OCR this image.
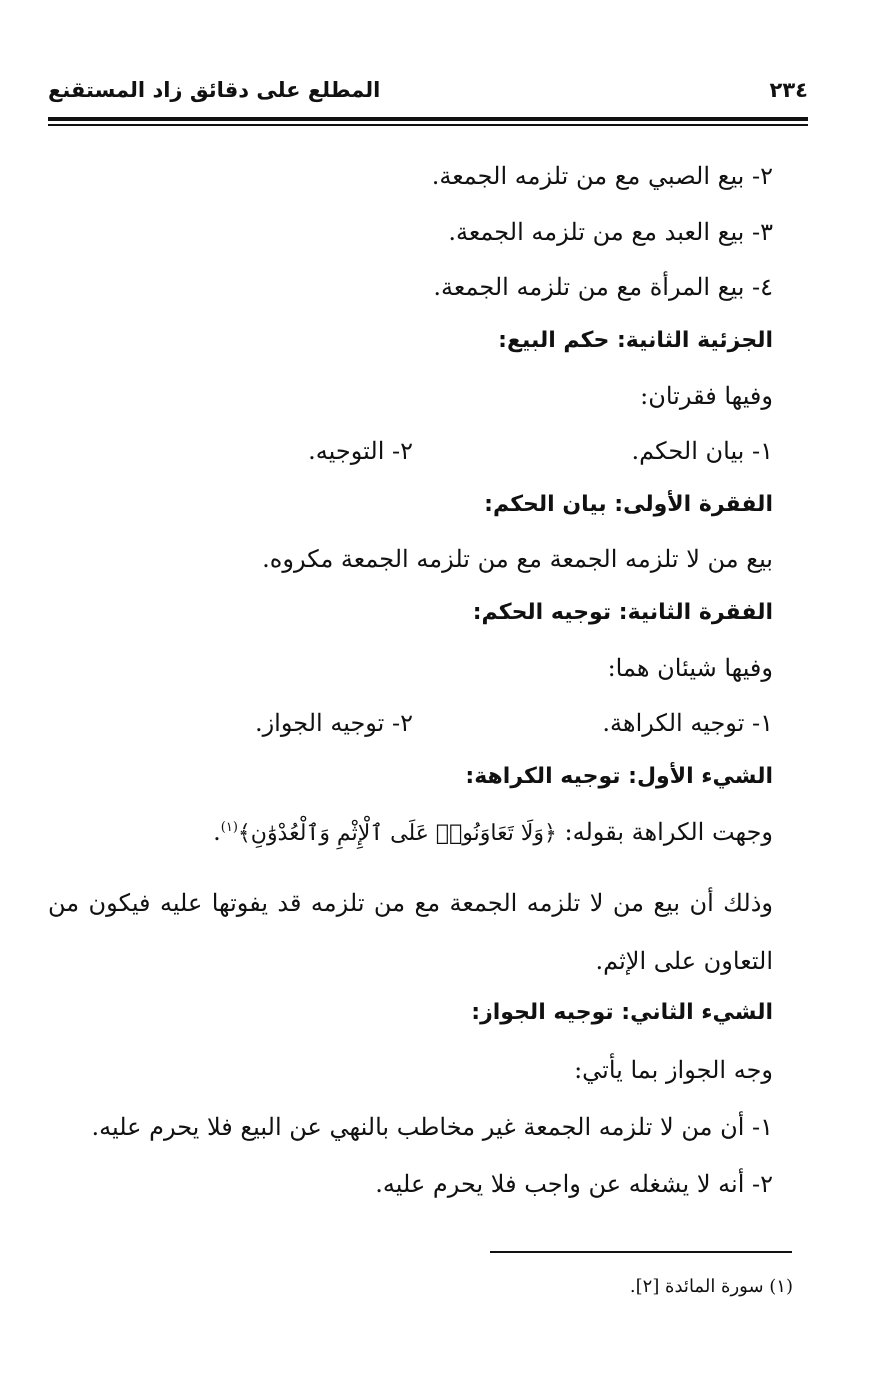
٢٣٤
المطلع على دقائق زاد المستقنع
٢- بيع الصبي مع من تلزمه الجمعة.
٣- بيع العبد مع من تلزمه الجمعة.
٤- بيع المرأة مع من تلزمه الجمعة.
الجزئية الثانية: حكم البيع:
وفيها فقرتان:
١- بيان الحكم.
٢- التوجيه.
الفقرة الأولى: بيان الحكم:
بيع من لا تلزمه الجمعة مع من تلزمه الجمعة مكروه.
الفقرة الثانية: توجيه الحكم:
وفيها شيئان هما:
١- توجيه الكراهة.
٢- توجيه الجواز.
الشيء الأول: توجيه الكراهة:
وجهت الكراهة بقوله: ﴿وَلَا تَعَاوَنُوا۟ عَلَى ٱلْإِثْمِ وَٱلْعُدْوَٰنِ﴾$^{(١)}$.
وذلك أن بيع من لا تلزمه الجمعة مع من تلزمه قد يفوتها عليه فيكون من التعاون على الإثم.
الشيء الثاني: توجيه الجواز:
وجه الجواز بما يأتي:
١- أن من لا تلزمه الجمعة غير مخاطب بالنهي عن البيع فلا يحرم عليه.
٢- أنه لا يشغله عن واجب فلا يحرم عليه.
(١) سورة المائدة [٢].
